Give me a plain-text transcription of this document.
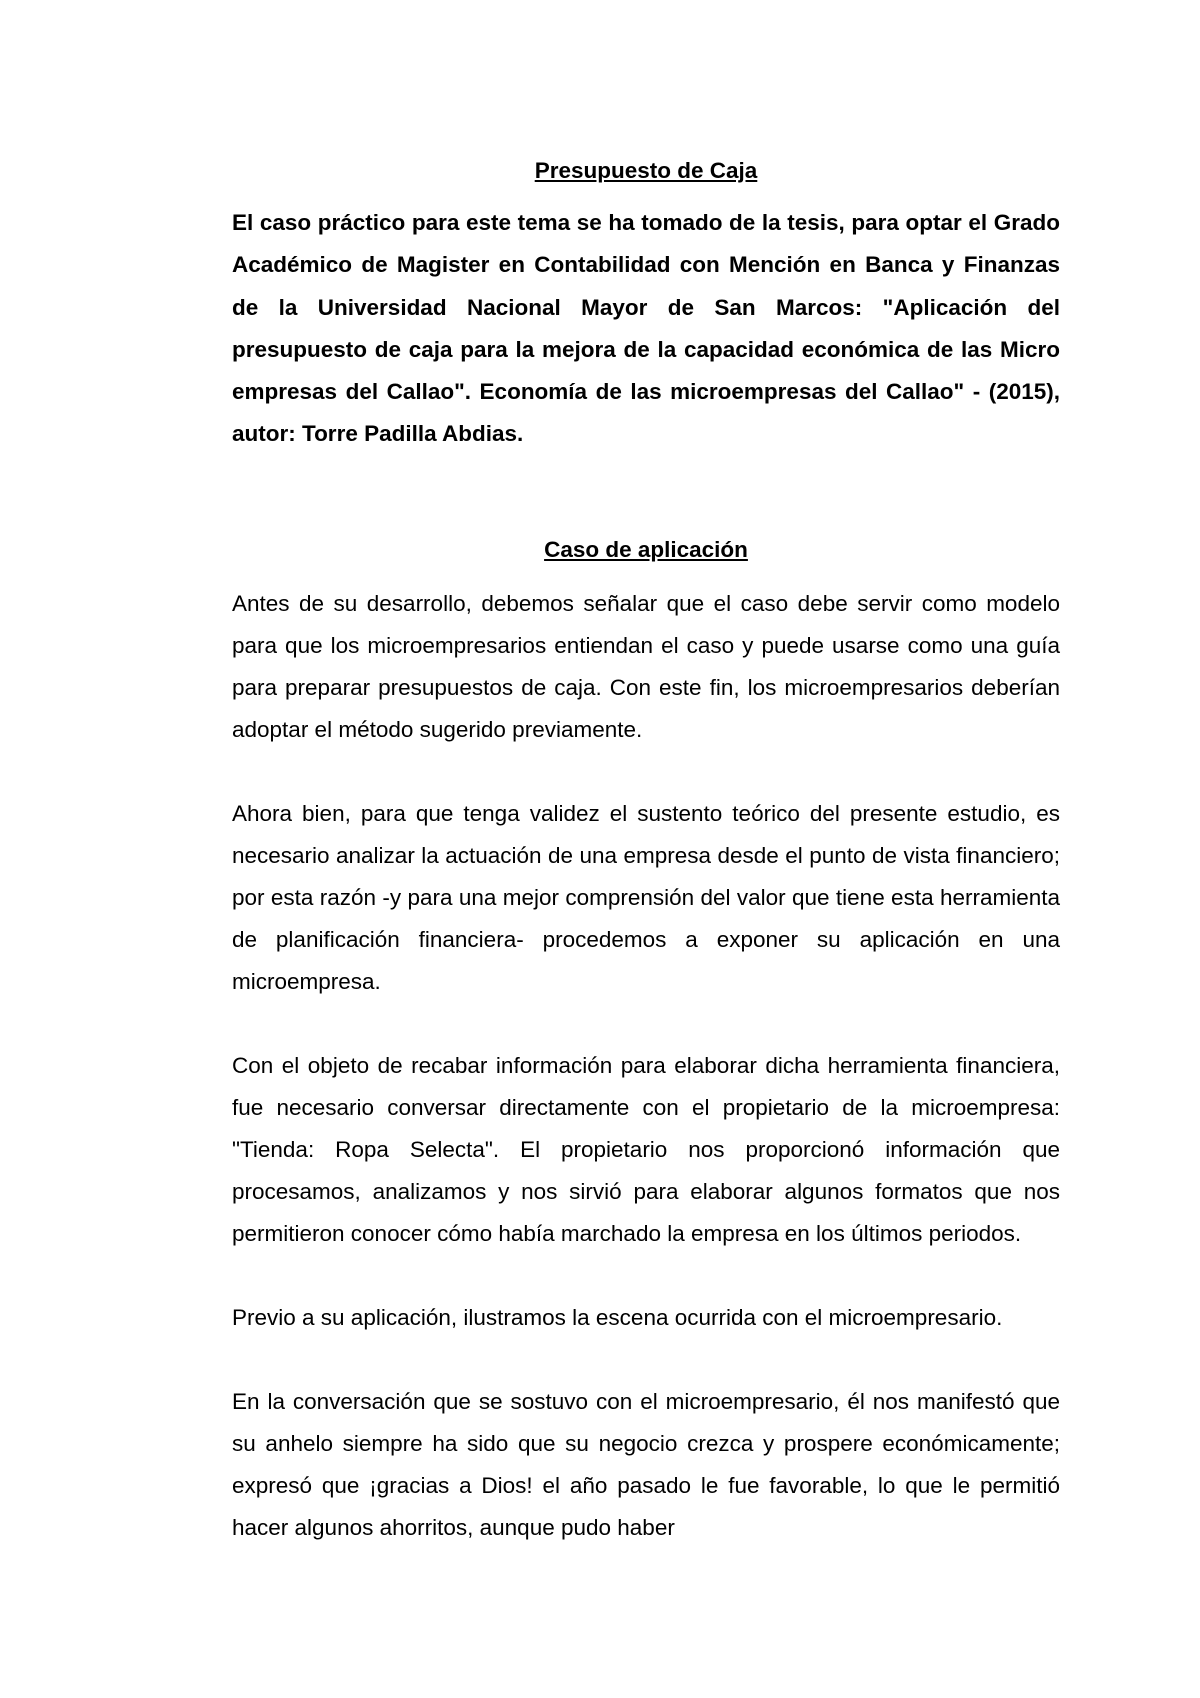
Presupuesto de Caja

El caso práctico para este tema se ha tomado de la tesis, para optar el Grado Académico de Magister en Contabilidad con Mención en Banca y Finanzas de la Universidad Nacional Mayor de San Marcos: "Aplicación del presupuesto de caja para la mejora de la capacidad económica de las Micro empresas del Callao". Economía de las microempresas del Callao" - (2015), autor: Torre Padilla Abdias.

Caso de aplicación

Antes de su desarrollo, debemos señalar que el caso debe servir como modelo para que los microempresarios entiendan el caso y puede usarse como una guía para preparar presupuestos de caja. Con este fin, los microempresarios deberían adoptar el método sugerido previamente.

Ahora bien, para que tenga validez el sustento teórico del presente estudio, es necesario analizar la actuación de una empresa desde el punto de vista financiero; por esta razón -y para una mejor comprensión del valor que tiene esta herramienta de planificación financiera- procedemos a exponer su aplicación en una microempresa.

Con el objeto de recabar información para elaborar dicha herramienta financiera, fue necesario conversar directamente con el propietario de la microempresa: "Tienda: Ropa Selecta". El propietario nos proporcionó información que procesamos, analizamos y nos sirvió para elaborar algunos formatos que nos permitieron conocer cómo había marchado la empresa en los últimos periodos.

Previo a su aplicación, ilustramos la escena ocurrida con el microempresario.

En la conversación que se sostuvo con el microempresario, él nos manifestó que su anhelo siempre ha sido que su negocio crezca y prospere económicamente; expresó que ¡gracias a Dios! el año pasado le fue favorable, lo que le permitió hacer algunos ahorritos, aunque pudo haber
